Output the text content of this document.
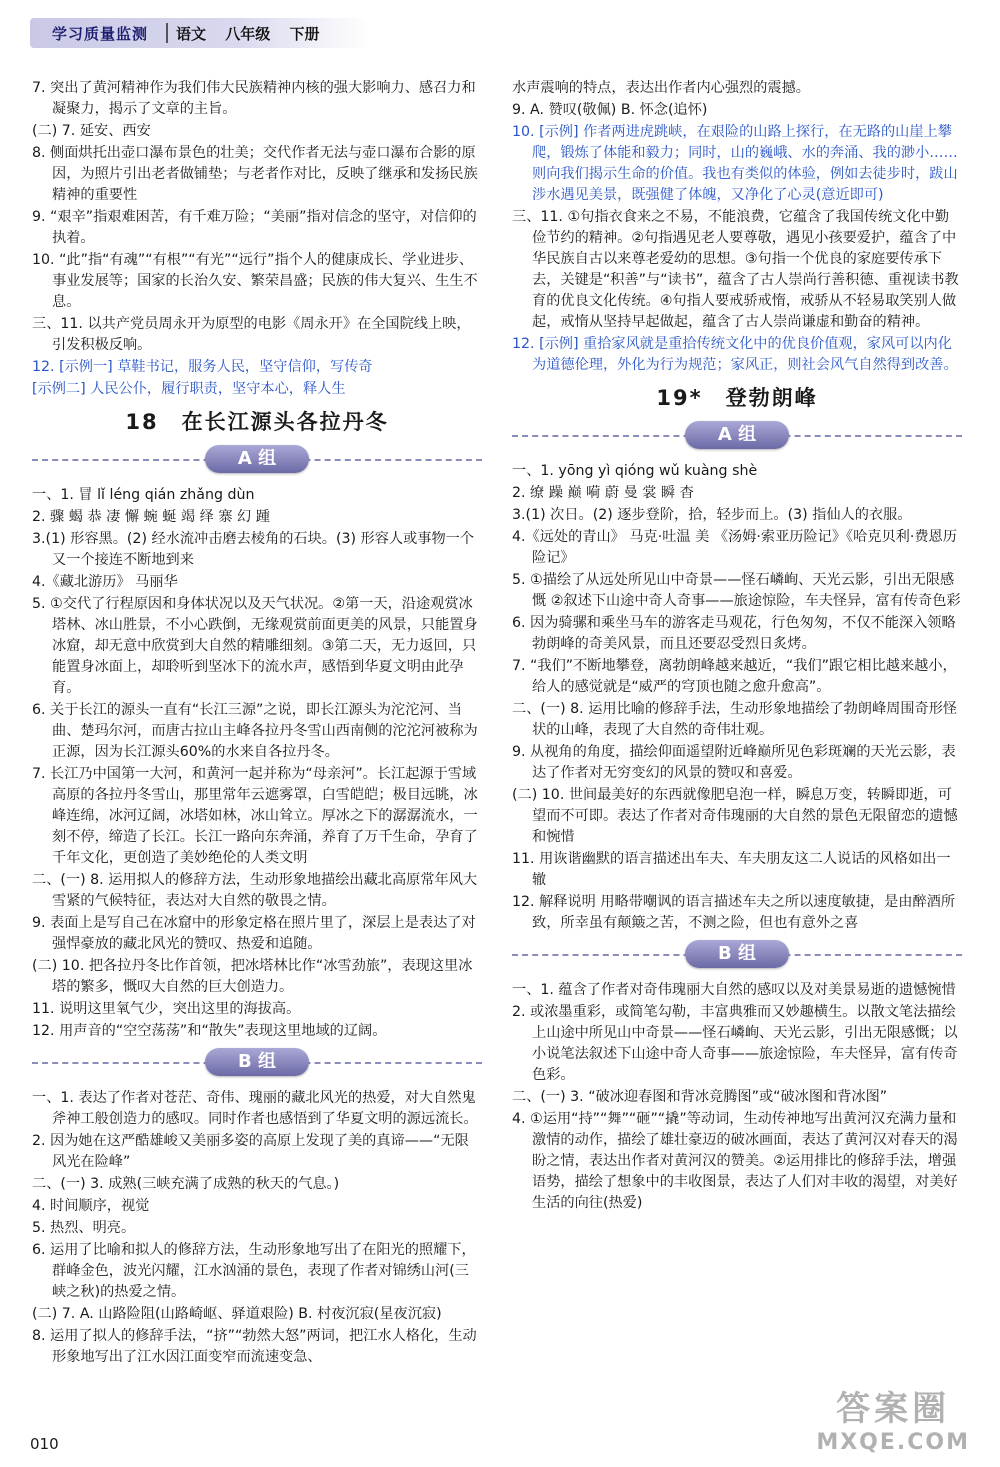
学习质量监测	语文 八年级 下册
7. 突出了黄河精神作为我们伟大民族精神内核的强大影响力、感召力和凝聚力，揭示了文章的主旨。
(二) 7. 延安、西安
8. 侧面烘托出壶口瀑布景色的壮美；交代作者无法与壶口瀑布合影的原因，为照片引出老者做铺垫；与老者作对比，反映了继承和发扬民族精神的重要性
9. “艰辛”指艰难困苦，有千难万险；“美丽”指对信念的坚守，对信仰的执着。
10. “此”指“有魂”“有根”“有光”“远行”指个人的健康成长、学业进步、事业发展等；国家的长治久安、繁荣昌盛；民族的伟大复兴、生生不息。
三、11. 以共产党员周永开为原型的电影《周永开》在全国院线上映，引发积极反响。
12. [示例一] 草鞋书记，服务人民，坚守信仰，写传奇
[示例二] 人民公仆，履行职责，坚守本心，释人生
18　在长江源头各拉丹冬
A 组
一、1. 冒 lǐ léng qián zhǎng dùn
2. 骤 蝎 恭 凄 懈 蜿 蜒 竭 绎 寨 幻 踵
3.(1) 形容黑。(2) 经水流冲击磨去棱角的石块。(3) 形容人或事物一个又一个接连不断地到来
4.《藏北游历》 马丽华
5. ①交代了行程原因和身体状况以及天气状况。②第一天，沿途观赏冰塔林、冰山胜景，不小心跌倒，无缘观赏前面更美的风景，只能置身冰窟，却无意中欣赏到大自然的精雕细刻。③第二天，无力返回，只能置身冰面上，却聆听到坚冰下的流水声，感悟到华夏文明由此孕育。
6. 关于长江的源头一直有“长江三源”之说，即长江源头为沱沱河、当曲、楚玛尔河，而唐古拉山主峰各拉丹冬雪山西南侧的沱沱河被称为正源，因为长江源头60%的水来自各拉丹冬。
7. 长江乃中国第一大河，和黄河一起并称为“母亲河”。长江起源于雪域高原的各拉丹冬雪山，那里常年云遮雾罩，白雪皑皑；极目远眺，冰峰连绵，冰河辽阔，冰塔如林，冰山耸立。厚冰之下的潺潺流水，一刻不停，缔造了长江。长江一路向东奔涌，养育了万千生命，孕育了千年文化，更创造了美妙绝伦的人类文明
二、(一) 8. 运用拟人的修辞方法，生动形象地描绘出藏北高原常年风大雪紧的气候特征，表达对大自然的敬畏之情。
9. 表面上是写自己在冰窟中的形象定格在照片里了，深层上是表达了对强悍豪放的藏北风光的赞叹、热爱和追随。
(二) 10. 把各拉丹冬比作首领，把冰塔林比作“冰雪劲旅”，表现这里冰塔的繁多，慨叹大自然的巨大创造力。
11. 说明这里氧气少，突出这里的海拔高。
12. 用声音的“空空荡荡”和“散失”表现这里地域的辽阔。
B 组
一、1. 表达了作者对苍茫、奇伟、瑰丽的藏北风光的热爱，对大自然鬼斧神工般创造力的感叹。同时作者也感悟到了华夏文明的源远流长。
2. 因为她在这严酷雄峻又美丽多姿的高原上发现了美的真谛——“无限风光在险峰”
二、(一) 3. 成熟(三峡充满了成熟的秋天的气息。)
4. 时间顺序，视觉
5. 热烈、明亮。
6. 运用了比喻和拟人的修辞方法，生动形象地写出了在阳光的照耀下，群峰金色，波光闪耀，江水汹涌的景色，表现了作者对锦绣山河(三峡之秋)的热爱之情。
(二) 7. A. 山路险阻(山路崎岖、驿道艰险) B. 村夜沉寂(星夜沉寂)
8. 运用了拟人的修辞手法，“挤”“勃然大怒”两词，把江水人格化，生动形象地写出了江水因江面变窄而流速变急、
水声震响的特点，表达出作者内心强烈的震撼。
9. A. 赞叹(敬佩) B. 怀念(追怀)
10. [示例] 作者两进虎跳峡，在艰险的山路上探行，在无路的山崖上攀爬，锻炼了体能和毅力；同时，山的巍峨、水的奔涌、我的渺小……则向我们揭示生命的价值。我也有类似的体验，例如去徒步时，跋山涉水遇见美景，既强健了体魄，又净化了心灵(意近即可)
三、11. ①句指衣食来之不易，不能浪费，它蕴含了我国传统文化中勤俭节约的精神。②句指遇见老人要尊敬，遇见小孩要爱护，蕴含了中华民族自古以来尊老爱幼的思想。③句指一个优良的家庭要传承下去，关键是“积善”与“读书”，蕴含了古人崇尚行善积德、重视读书教育的优良文化传统。④句指人要戒骄戒惰，戒骄从不轻易取笑别人做起，戒惰从坚持早起做起，蕴含了古人崇尚谦虚和勤奋的精神。
12. [示例] 重拾家风就是重拾传统文化中的优良价值观，家风可以内化为道德伦理，外化为行为规范；家风正，则社会风气自然得到改善。
19*　登勃朗峰
A 组
一、1. yōng yì qióng wǔ kuàng shè
2. 缭 躁 巅 嗬 蔚 曼 裳 瞬 杳
3.(1) 次日。(2) 逐步登阶，拾，轻步而上。(3) 指仙人的衣服。
4.《远处的青山》 马克·吐温 美 《汤姆·索亚历险记》《哈克贝利·费恩历险记》
5. ①描绘了从远处所见山中奇景——怪石嶙峋、天光云影，引出无限感慨 ②叙述下山途中奇人奇事——旅途惊险，车夫怪异，富有传奇色彩
6. 因为骑骡和乘坐马车的游客走马观花，行色匆匆，不仅不能深入领略勃朗峰的奇美风景，而且还要忍受烈日炙烤。
7. “我们”不断地攀登，离勃朗峰越来越近，“我们”跟它相比越来越小，给人的感觉就是“威严的穹顶也随之愈升愈高”。
二、(一) 8. 运用比喻的修辞手法，生动形象地描绘了勃朗峰周围奇形怪状的山峰，表现了大自然的奇伟壮观。
9. 从视角的角度，描绘仰面遥望附近峰巅所见色彩斑斓的天光云影，表达了作者对无穷变幻的风景的赞叹和喜爱。
(二) 10. 世间最美好的东西就像肥皂泡一样，瞬息万变，转瞬即逝，可望而不可即。表达了作者对奇伟瑰丽的大自然的景色无限留恋的遗憾和惋惜
11. 用诙谐幽默的语言描述出车夫、车夫朋友这二人说话的风格如出一辙
12. 解释说明 用略带嘲讽的语言描述车夫之所以速度敏捷，是由醉酒所致，所幸虽有颠簸之苦，不测之险，但也有意外之喜
B 组
一、1. 蕴含了作者对奇伟瑰丽大自然的感叹以及对美景易逝的遗憾惋惜
2. 或浓墨重彩，或简笔勾勒，丰富典雅而又妙趣横生。以散文笔法描绘上山途中所见山中奇景——怪石嶙峋、天光云影，引出无限感慨；以小说笔法叙述下山途中奇人奇事——旅途惊险，车夫怪异，富有传奇色彩。
二、(一) 3. “破冰迎春图和背冰竞腾图”或“破冰图和背冰图”
4. ①运用“持”“舞”“砸”“撬”等动词，生动传神地写出黄河汉充满力量和激情的动作，描绘了雄壮豪迈的破冰画面，表达了黄河汉对春天的渴盼之情，表达出作者对黄河汉的赞美。②运用排比的修辞手法，增强语势，描绘了想象中的丰收图景，表达了人们对丰收的渴望，对美好生活的向往(热爱)
010
答案圈
MXQE.COM
